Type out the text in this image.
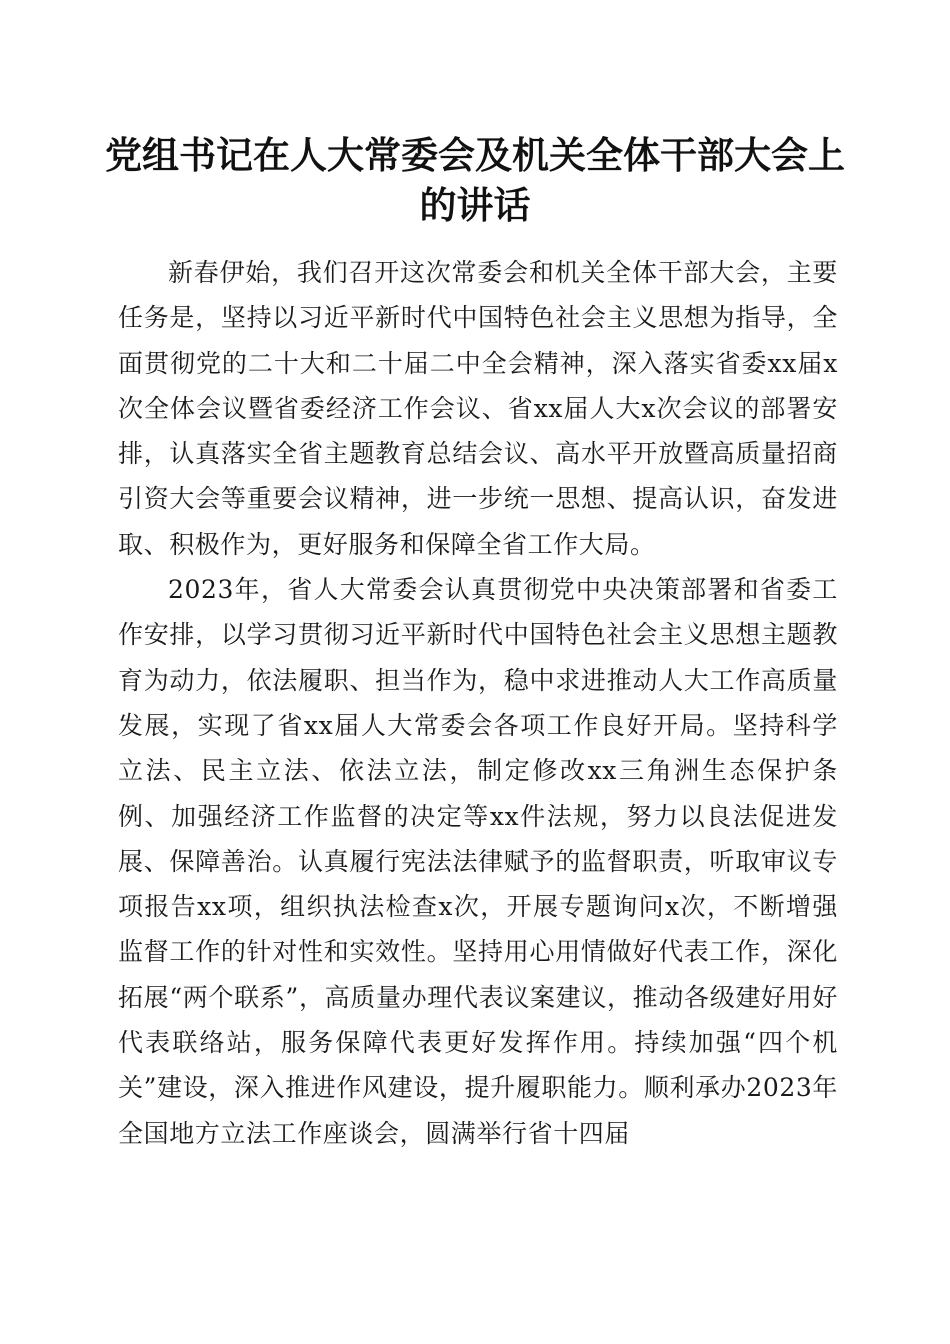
党组书记在人大常委会及机关全体干部大会上的讲话

新春伊始，我们召开这次常委会和机关全体干部大会，主要任务是，坚持以习近平新时代中国特色社会主义思想为指导，全面贯彻党的二十大和二十届二中全会精神，深入落实省委xx届x次全体会议暨省委经济工作会议、省xx届人大x次会议的部署安排，认真落实全省主题教育总结会议、高水平开放暨高质量招商引资大会等重要会议精神，进一步统一思想、提高认识，奋发进取、积极作为，更好服务和保障全省工作大局。

2023年，省人大常委会认真贯彻党中央决策部署和省委工作安排，以学习贯彻习近平新时代中国特色社会主义思想主题教育为动力，依法履职、担当作为，稳中求进推动人大工作高质量发展，实现了省xx届人大常委会各项工作良好开局。坚持科学立法、民主立法、依法立法，制定修改xx三角洲生态保护条例、加强经济工作监督的决定等xx件法规，努力以良法促进发展、保障善治。认真履行宪法法律赋予的监督职责，听取审议专项报告xx项，组织执法检查x次，开展专题询问x次，不断增强监督工作的针对性和实效性。坚持用心用情做好代表工作，深化拓展“两个联系”，高质量办理代表议案建议，推动各级建好用好代表联络站，服务保障代表更好发挥作用。持续加强“四个机关”建设，深入推进作风建设，提升履职能力。顺利承办2023年全国地方立法工作座谈会，圆满举行省十四届
